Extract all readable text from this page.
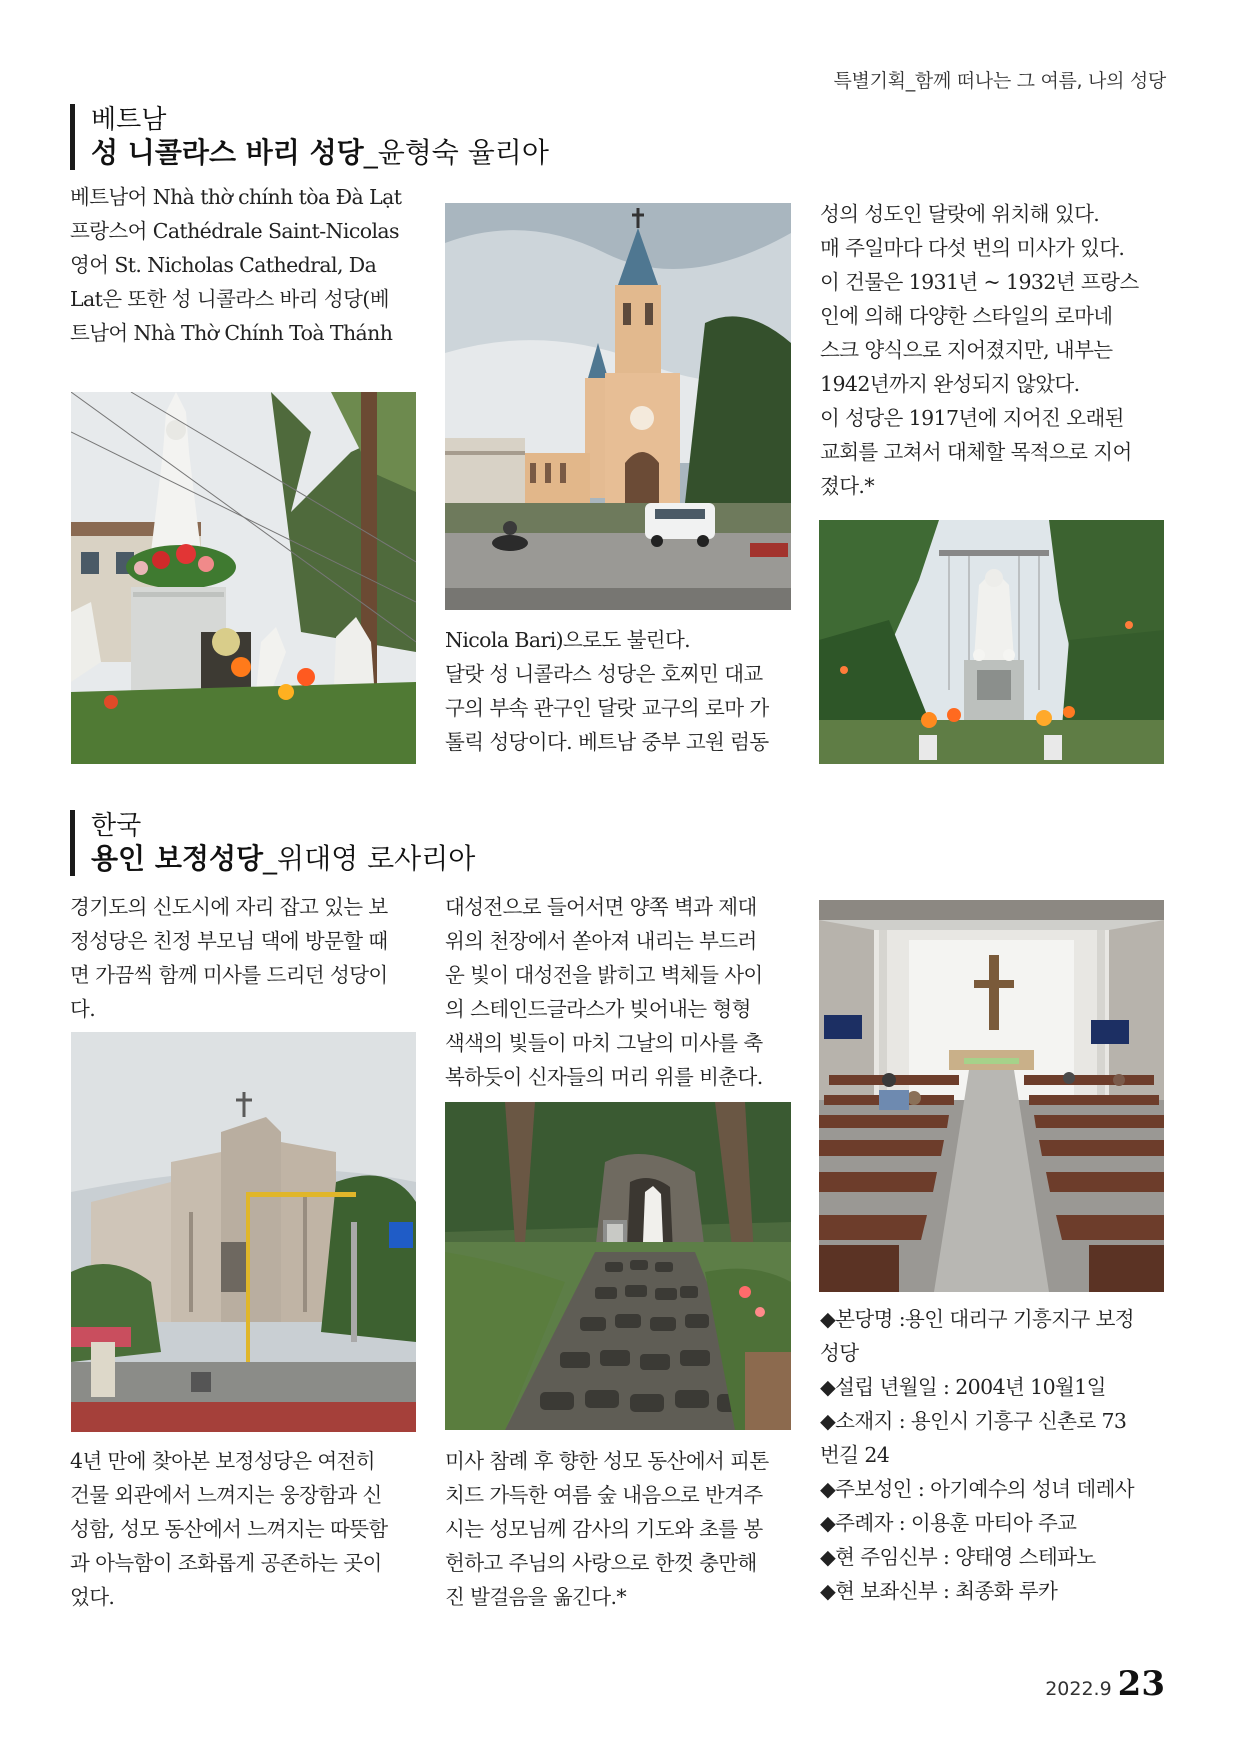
특별기획_함께 떠나는 그 여름, 나의 성당
베트남
성 니콜라스 바리 성당_윤형숙 율리아

베트남어 Nhà thờ chính tòa Đà Lạt

프랑스어 Cathédrale Saint-Nicolas

영어 St. Nicholas Cathedral, Da

Lat은 또한 성 니콜라스 바리 성당(베

트남어 Nhà Thờ Chính Toà Thánh

Nicola Bari)으로도 불린다.

달랏 성 니콜라스 성당은 호찌민 대교

구의 부속 관구인 달랏 교구의 로마 가

톨릭 성당이다. 베트남 중부 고원 럼동

성의 성도인 달랏에 위치해 있다.

매 주일마다 다섯 번의 미사가 있다.

이 건물은 1931년 ~ 1932년 프랑스

인에 의해 다양한 스타일의 로마네

스크 양식으로 지어졌지만, 내부는

1942년까지 완성되지 않았다.

이 성당은 1917년에 지어진 오래된

교회를 고쳐서 대체할 목적으로 지어

졌다.*

한국
용인 보정성당_위대영 로사리아

경기도의 신도시에 자리 잡고 있는 보

정성당은 친정 부모님 댁에 방문할 때

면 가끔씩 함께 미사를 드리던 성당이

다.

4년 만에 찾아본 보정성당은 여전히

건물 외관에서 느껴지는 웅장함과 신

성함, 성모 동산에서 느껴지는 따뜻함

과 아늑함이 조화롭게 공존하는 곳이

었다.

대성전으로 들어서면 양쪽 벽과 제대

위의 천장에서 쏟아져 내리는 부드러

운 빛이 대성전을 밝히고 벽체들 사이

의 스테인드글라스가 빚어내는 형형

색색의 빛들이 마치 그날의 미사를 축

복하듯이 신자들의 머리 위를 비춘다.

미사 참례 후 향한 성모 동산에서 피톤

치드 가득한 여름 숲 내음으로 반겨주

시는 성모님께 감사의 기도와 초를 봉

헌하고 주님의 사랑으로 한껏 충만해

진 발걸음을 옮긴다.*

◆본당명 :용인 대리구 기흥지구 보정

성당

◆설립 년월일 : 2004년 10월1일

◆소재지 : 용인시 기흥구 신촌로 73

번길 24

◆주보성인 : 아기예수의 성녀 데레사

◆주례자 : 이용훈 마티아 주교

◆현 주임신부 : 양태영 스테파노

◆현 보좌신부 : 최종화 루카

2022.9 23
